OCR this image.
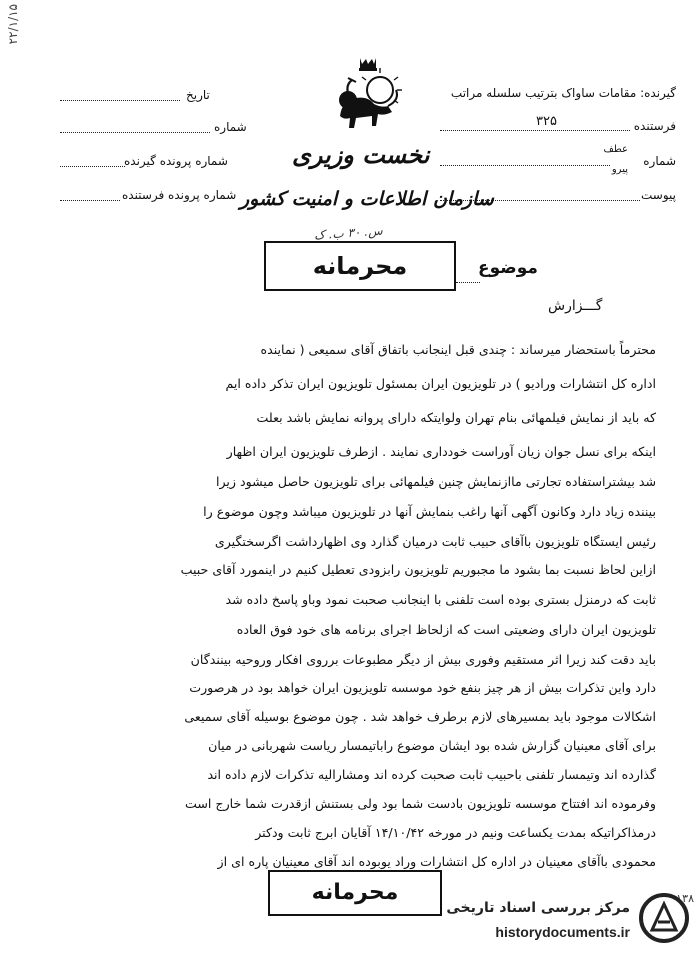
۲۲/۱/۱۵
گیرنده: مقامات ساواک بترتیب سلسله مراتب
فرستنده
۳۲۵
شماره
عطف
پیرو
پیوست
تاریخ
شماره
شماره پرونده گیرنده
شماره پرونده فرستنده
نخست وزیری
سازمان اطلاعات و امنیت کشور
س. ۳۰ ب. ک
محرمانه	موضوع
گـــزارش
محترماً باستحضار میرساند : چندی قبل اینجانب باتفاق آقای سمیعی ( نماینده
اداره کل انتشارات ورادیو ) در تلویزیون ایران بمسئول تلویزیون ایران تذکر داده ایم
که باید از نمایش فیلمهائی بنام تهران ولوایتکه دارای پروانه نمایش باشد بعلت
اینکه برای نسل جوان زیان آوراست خودداری نمایند . ازطرف تلویزیون ایران اظهار
شد بیشتراستفاده تجارتی ماازنمایش چنین فیلمهائی برای تلویزیون حاصل میشود زیرا
بیننده زیاد دارد وکانون آگهی آنها راغب بنمایش آنها در تلویزیون میباشد وچون موضوع را
رئیس ایستگاه تلویزیون باآقای حبیب ثابت درمیان گذارد وی اظهارداشت اگرسختگیری
ازاین لحاظ نسبت بما بشود ما مجبوریم تلویزیون رابزودی تعطیل کنیم در اینمورد آقای حبیب
ثابت که درمنزل بستری بوده است تلفنی با اینجانب صحبت نمود وباو پاسخ داده شد
تلویزیون ایران دارای وضعیتی است که ازلحاظ اجرای برنامه های خود فوق العاده
باید دقت کند زیرا اثر مستقیم وفوری بیش از دیگر مطبوعات برروی افکار وروحیه بینندگان
دارد واین تذکرات بیش از هر چیز بنفع خود موسسه تلویزیون ایران خواهد بود در هرصورت
اشکالات موجود باید بمسیرهای لازم برطرف خواهد شد . چون موضوع بوسیله آقای سمیعی
برای آقای معینیان گزارش شده بود ایشان موضوع راباتیمسار ریاست شهربانی در میان
گذارده اند وتیمسار تلفنی باحبیب ثابت صحبت کرده اند ومشارالیه تذکرات لازم داده اند
وفرموده اند افتتاح موسسه تلویزیون بادست شما بود ولی بستنش ازقدرت شما خارج است
درمذاکراتیکه بمدت یکساعت ونیم در مورخه ۱۴/۱۰/۴۲ آقایان ابرج ثابت ودکتر
محمودی باآقای معینیان در اداره کل انتشارات وراد یوبوده اند آقای معینیان پاره ای از
محرمانه	۱۳۸
مرکز بررسی اسناد تاریخی
historydocuments.ir
